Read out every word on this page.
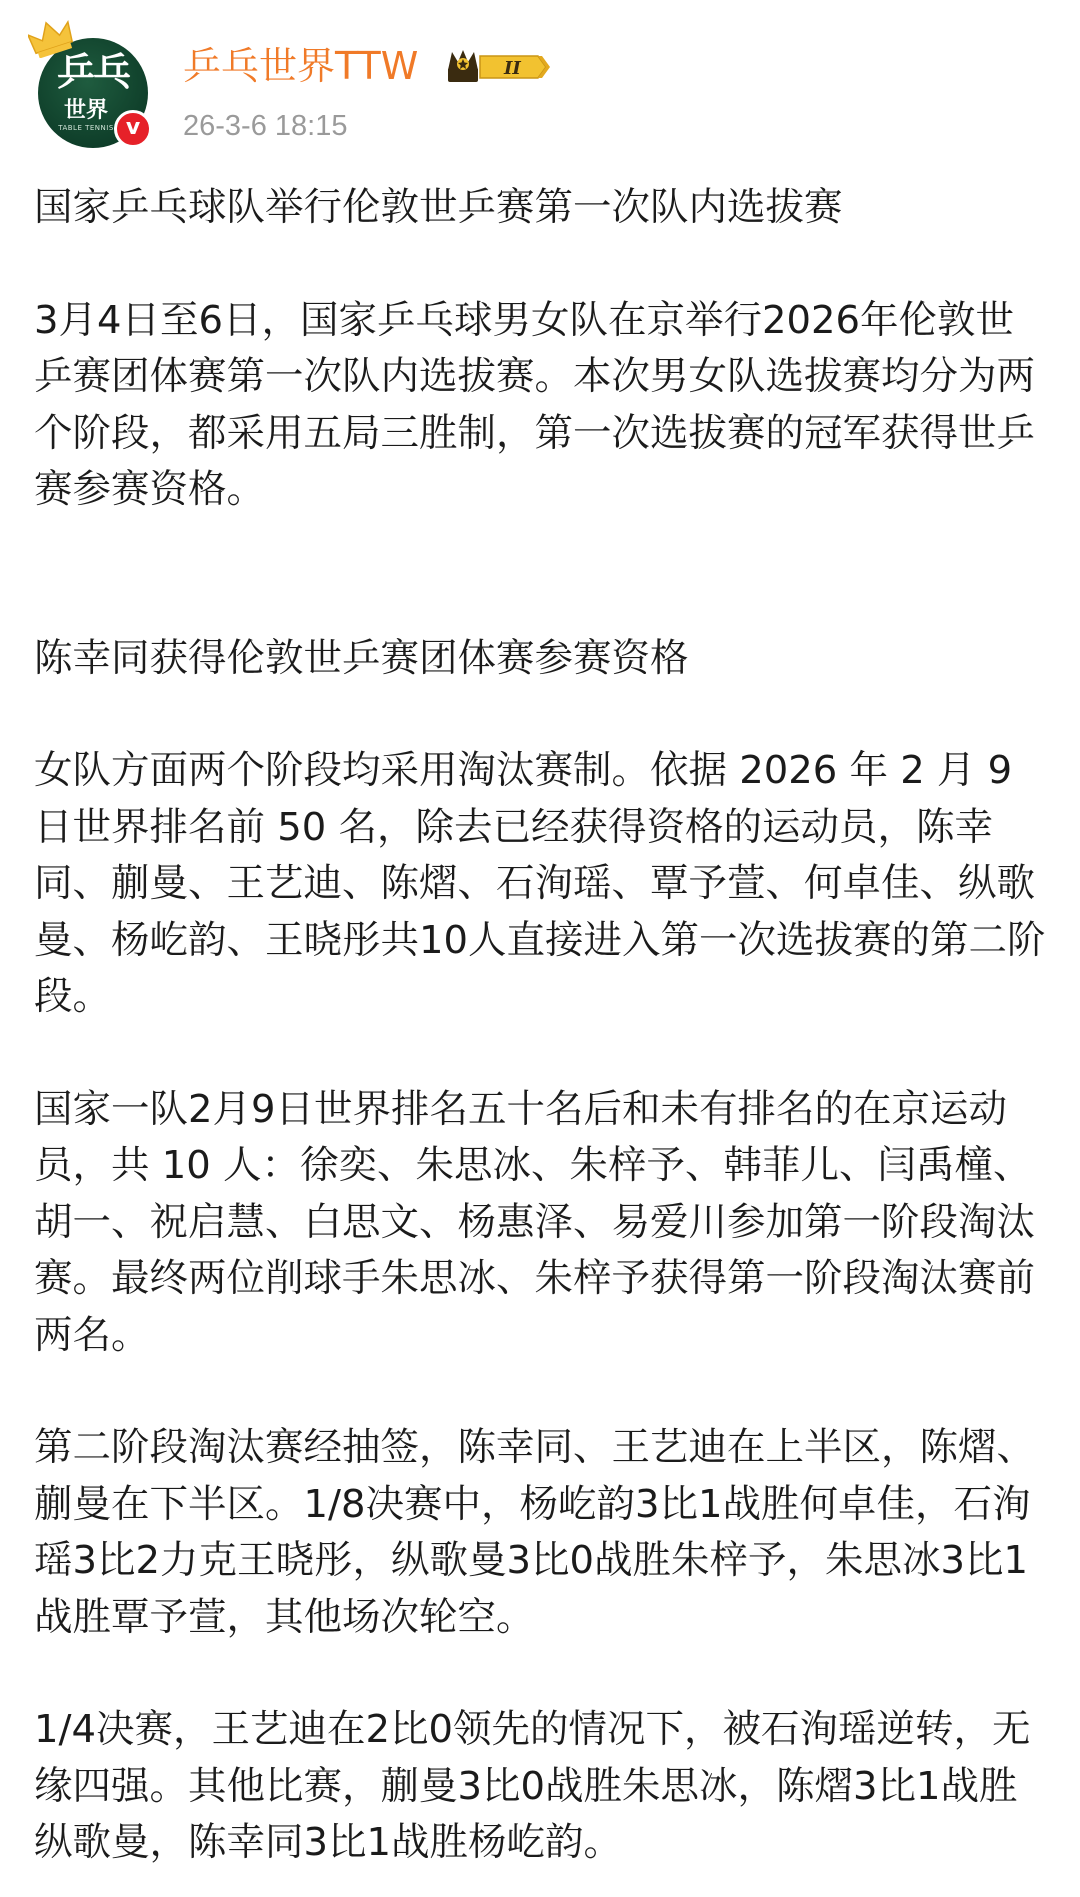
乒乓
世界
TABLE TENNIS v
乒乓世界TTW	II
26-3-6 18:15

国家乒乓球队举行伦敦世乒赛第一次队内选拔赛

3月4日至6日，国家乒乓球男女队在京举行2026年伦敦世乒赛团体赛第一次队内选拔赛。本次男女队选拔赛均分为两个阶段，都采用五局三胜制，第一次选拔赛的冠军获得世乒赛参赛资格。

陈幸同获得伦敦世乒赛团体赛参赛资格

女队方面两个阶段均采用淘汰赛制。依据 2026 年 2 月 9 日世界排名前 50 名，除去已经获得资格的运动员，陈幸同、蒯曼、王艺迪、陈熠、石洵瑶、覃予萱、何卓佳、纵歌曼、杨屹韵、王晓彤共10人直接进入第一次选拔赛的第二阶段。

国家一队2月9日世界排名五十名后和未有排名的在京运动员，共 10 人：徐奕、朱思冰、朱梓予、韩菲儿、闫禹橦、胡一、祝启慧、白思文、杨惠泽、易爱川参加第一阶段淘汰赛。最终两位削球手朱思冰、朱梓予获得第一阶段淘汰赛前两名。

第二阶段淘汰赛经抽签，陈幸同、王艺迪在上半区，陈熠、蒯曼在下半区。1/8决赛中，杨屹韵3比1战胜何卓佳，石洵瑶3比2力克王晓彤，纵歌曼3比0战胜朱梓予，朱思冰3比1战胜覃予萱，其他场次轮空。

1/4决赛，王艺迪在2比0领先的情况下，被石洵瑶逆转，无缘四强。其他比赛，蒯曼3比0战胜朱思冰，陈熠3比1战胜纵歌曼，陈幸同3比1战胜杨屹韵。
